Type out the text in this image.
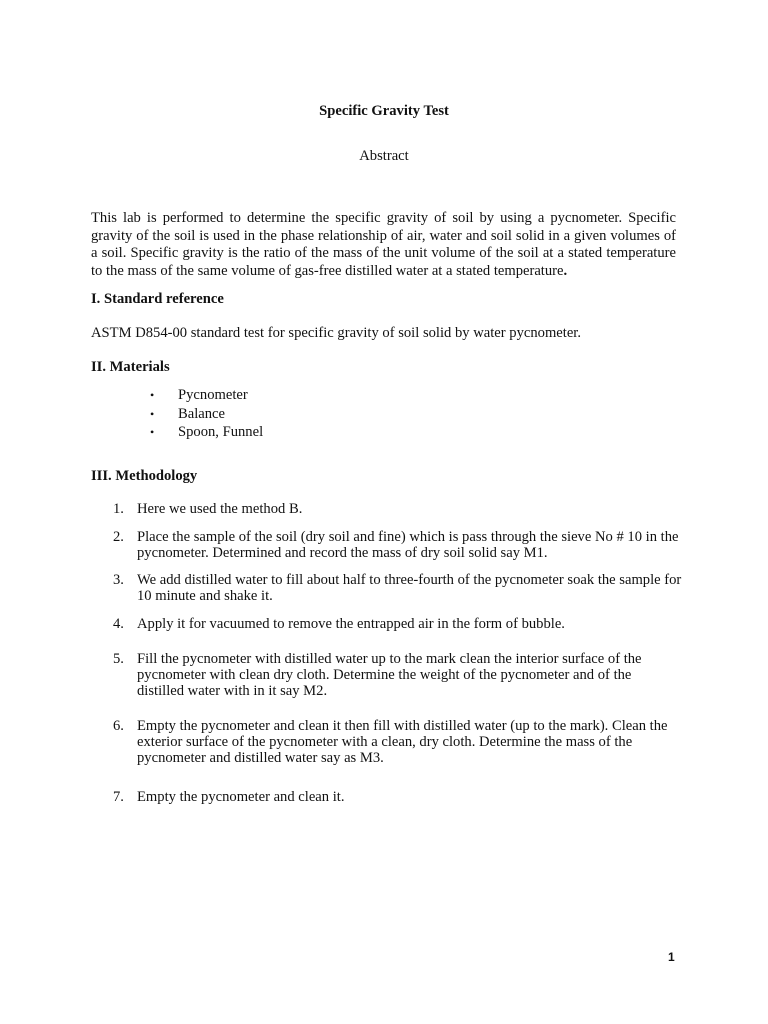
Specific Gravity Test
Abstract
This lab is performed to determine the specific gravity of soil by using a pycnometer. Specific gravity of the soil is used in the phase relationship of air, water and soil solid in a given volumes of a soil. Specific gravity is the ratio of the mass of the unit volume of the soil at a stated temperature to the mass of the same volume of gas-free distilled water at a stated temperature.
I. Standard reference
ASTM D854-00 standard test for specific gravity of soil solid by water pycnometer.
II. Materials
• Pycnometer
• Balance
• Spoon, Funnel
III. Methodology
1. Here we used the method B.
2. Place the sample of the soil (dry soil and fine) which is pass through the sieve No # 10 in the pycnometer. Determined and record the mass of dry soil solid say M1.
3. We add distilled water to fill about half to three-fourth of the pycnometer soak the sample for 10 minute and shake it.
4. Apply it for vacuumed to remove the entrapped air in the form of bubble.
5. Fill the pycnometer with distilled water up to the mark clean the interior surface of the pycnometer with clean dry cloth. Determine the weight of the pycnometer and of the distilled water with in it say M2.
6. Empty the pycnometer and clean it then fill with distilled water (up to the mark). Clean the exterior surface of the pycnometer with a clean, dry cloth. Determine the mass of the pycnometer and distilled water say as M3.
7. Empty the pycnometer and clean it.
1
